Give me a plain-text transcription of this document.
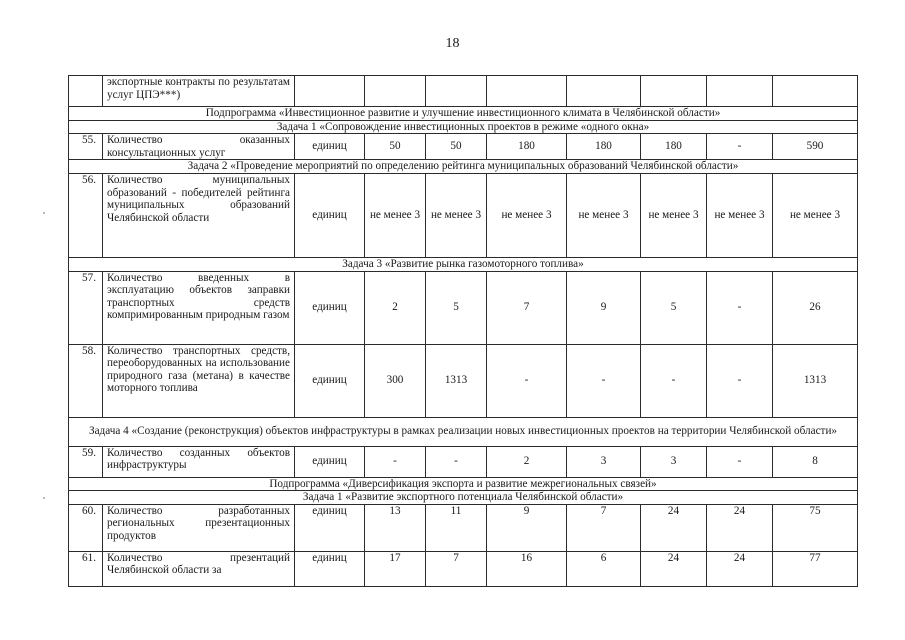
18
	экспортные контракты по результатам услуг ЦПЭ***)								
Подпрограмма «Инвестиционное развитие и улучшение инвестиционного климата в Челябинской области»									
Задача 1 «Сопровождение инвестиционных проектов в режиме «одного окна»									
55.	Количество оказанных консультационных услуг	единиц	50	50	180	180	180	-	590
Задача 2 «Проведение мероприятий по определению рейтинга муниципальных образований Челябинской области»									
56.	Количество муниципальных образований - победителей рейтинга муниципальных образований Челябинской области	единиц	не менее 3	не менее 3	не менее 3	не менее 3	не менее 3	не менее 3	не менее 3
Задача 3 «Развитие рынка газомоторного топлива»									
57.	Количество введенных в эксплуатацию объектов заправки транспортных средств компримированным природным газом	единиц	2	5	7	9	5	-	26
58.	Количество транспортных средств, переоборудованных на использование природного газа (метана) в качестве моторного топлива	единиц	300	1313	-	-	-	-	1313
Задача 4 «Создание (реконструкция) объектов инфраструктуры в рамках реализации новых инвестиционных проектов на территории Челябинской области»									
59.	Количество созданных объектов инфраструктуры	единиц	-	-	2	3	3	-	8
Подпрограмма «Диверсификация экспорта и развитие межрегиональных связей»									
Задача 1 «Развитие экспортного потенциала Челябинской области»									
60.	Количество разработанных региональных презентационных продуктов	единиц	13	11	9	7	24	24	75
61.	Количество презентаций Челябинской области за	единиц	17	7	16	6	24	24	77
